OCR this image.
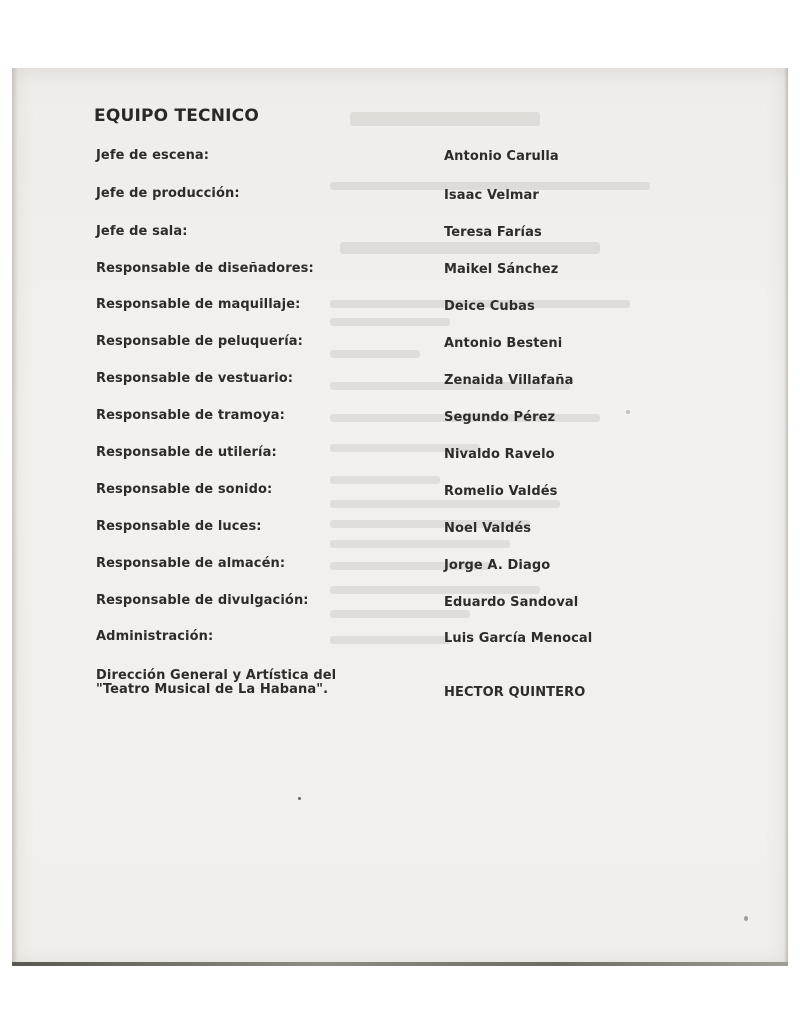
EQUIPO TECNICO
Jefe de escena:	Antonio Carulla
Jefe de producción:	Isaac Velmar
Jefe de sala:	Teresa Farías
Responsable de diseñadores:	Maikel Sánchez
Responsable de maquillaje:	Deice Cubas
Responsable de peluquería:	Antonio Besteni
Responsable de vestuario:	Zenaida Villafaña
Responsable de tramoya:	Segundo Pérez
Responsable de utilería:	Nivaldo Ravelo
Responsable de sonido:	Romelio Valdés
Responsable de luces:	Noel Valdés
Responsable de almacén:	Jorge A. Diago
Responsable de divulgación:	Eduardo Sandoval
Administración:	Luis García Menocal
Dirección General y Artística del
"Teatro Musical de La Habana".	HECTOR QUINTERO
